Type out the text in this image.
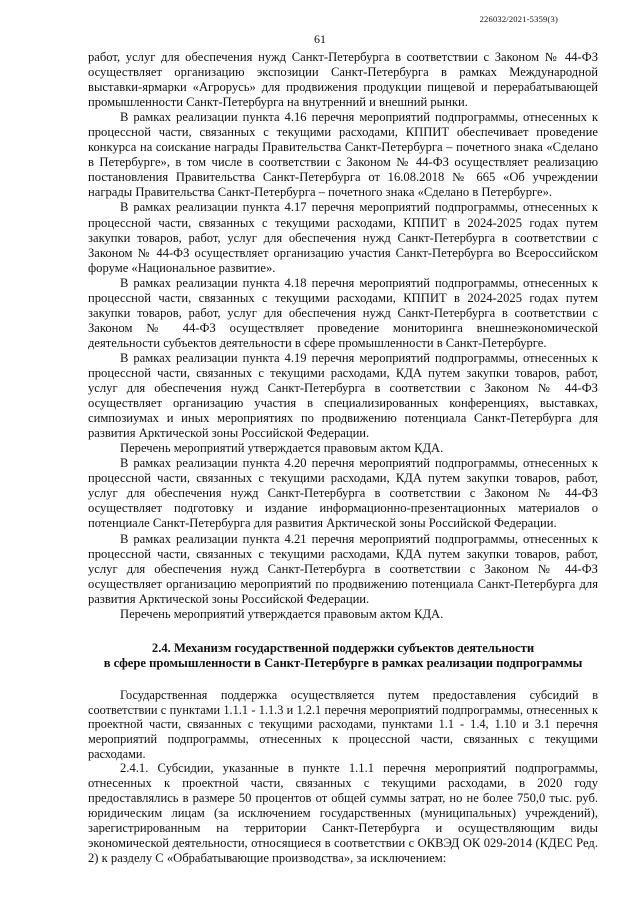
226032/2021-5359(3)
61

работ, услуг для обеспечения нужд Санкт-Петербурга в соответствии с Законом № 44-ФЗ осуществляет организацию экспозиции Санкт-Петербурга в рамках Международной выставки-ярмарки «Агрорусь» для продвижения продукции пищевой и перерабатывающей промышленности Санкт-Петербурга на внутренний и внешний рынки.

В рамках реализации пункта 4.16 перечня мероприятий подпрограммы, отнесенных к процессной части, связанных с текущими расходами, КППИТ обеспечивает проведение конкурса на соискание награды Правительства Санкт-Петербурга – почетного знака «Сделано в Петербурге», в том числе в соответствии с Законом № 44-ФЗ осуществляет реализацию постановления Правительства Санкт-Петербурга от 16.08.2018 № 665 «Об учреждении награды Правительства Санкт-Петербурга – почетного знака «Сделано в Петербурге».

В рамках реализации пункта 4.17 перечня мероприятий подпрограммы, отнесенных к процессной части, связанных с текущими расходами, КППИТ в 2024-2025 годах путем закупки товаров, работ, услуг для обеспечения нужд Санкт-Петербурга в соответствии с Законом № 44-ФЗ осуществляет организацию участия Санкт-Петербурга во Всероссийском форуме «Национальное развитие».

В рамках реализации пункта 4.18 перечня мероприятий подпрограммы, отнесенных к процессной части, связанных с текущими расходами, КППИТ в 2024-2025 годах путем закупки товаров, работ, услуг для обеспечения нужд Санкт-Петербурга в соответствии с Законом № 44-ФЗ осуществляет проведение мониторинга внешнеэкономической деятельности субъектов деятельности в сфере промышленности в Санкт-Петербурге.

В рамках реализации пункта 4.19 перечня мероприятий подпрограммы, отнесенных к процессной части, связанных с текущими расходами, КДА путем закупки товаров, работ, услуг для обеспечения нужд Санкт-Петербурга в соответствии с Законом № 44-ФЗ осуществляет организацию участия в специализированных конференциях, выставках, симпозиумах и иных мероприятиях по продвижению потенциала Санкт-Петербурга для развития Арктической зоны Российской Федерации.

Перечень мероприятий утверждается правовым актом КДА.

В рамках реализации пункта 4.20 перечня мероприятий подпрограммы, отнесенных к процессной части, связанных с текущими расходами, КДА путем закупки товаров, работ, услуг для обеспечения нужд Санкт-Петербурга в соответствии с Законом № 44-ФЗ осуществляет подготовку и издание информационно-презентационных материалов о потенциале Санкт-Петербурга для развития Арктической зоны Российской Федерации.

В рамках реализации пункта 4.21 перечня мероприятий подпрограммы, отнесенных к процессной части, связанных с текущими расходами, КДА путем закупки товаров, работ, услуг для обеспечения нужд Санкт-Петербурга в соответствии с Законом № 44-ФЗ осуществляет организацию мероприятий по продвижению потенциала Санкт-Петербурга для развития Арктической зоны Российской Федерации.

Перечень мероприятий утверждается правовым актом КДА.

2.4. Механизм государственной поддержки субъектов деятельности
в сфере промышленности в Санкт-Петербурге в рамках реализации подпрограммы

Государственная поддержка осуществляется путем предоставления субсидий в соответствии с пунктами 1.1.1 - 1.1.3 и 1.2.1 перечня мероприятий подпрограммы, отнесенных к проектной части, связанных с текущими расходами, пунктами 1.1 - 1.4, 1.10 и 3.1 перечня мероприятий подпрограммы, отнесенных к процессной части, связанных с текущими расходами.

2.4.1. Субсидии, указанные в пункте 1.1.1 перечня мероприятий подпрограммы, отнесенных к проектной части, связанных с текущими расходами, в 2020 году предоставлялись в размере 50 процентов от общей суммы затрат, но не более 750,0 тыс. руб. юридическим лицам (за исключением государственных (муниципальных) учреждений), зарегистрированным на территории Санкт-Петербурга и осуществляющим виды экономической деятельности, относящиеся в соответствии с ОКВЭД ОК 029-2014 (КДЕС Ред. 2) к разделу С «Обрабатывающие производства», за исключением:
